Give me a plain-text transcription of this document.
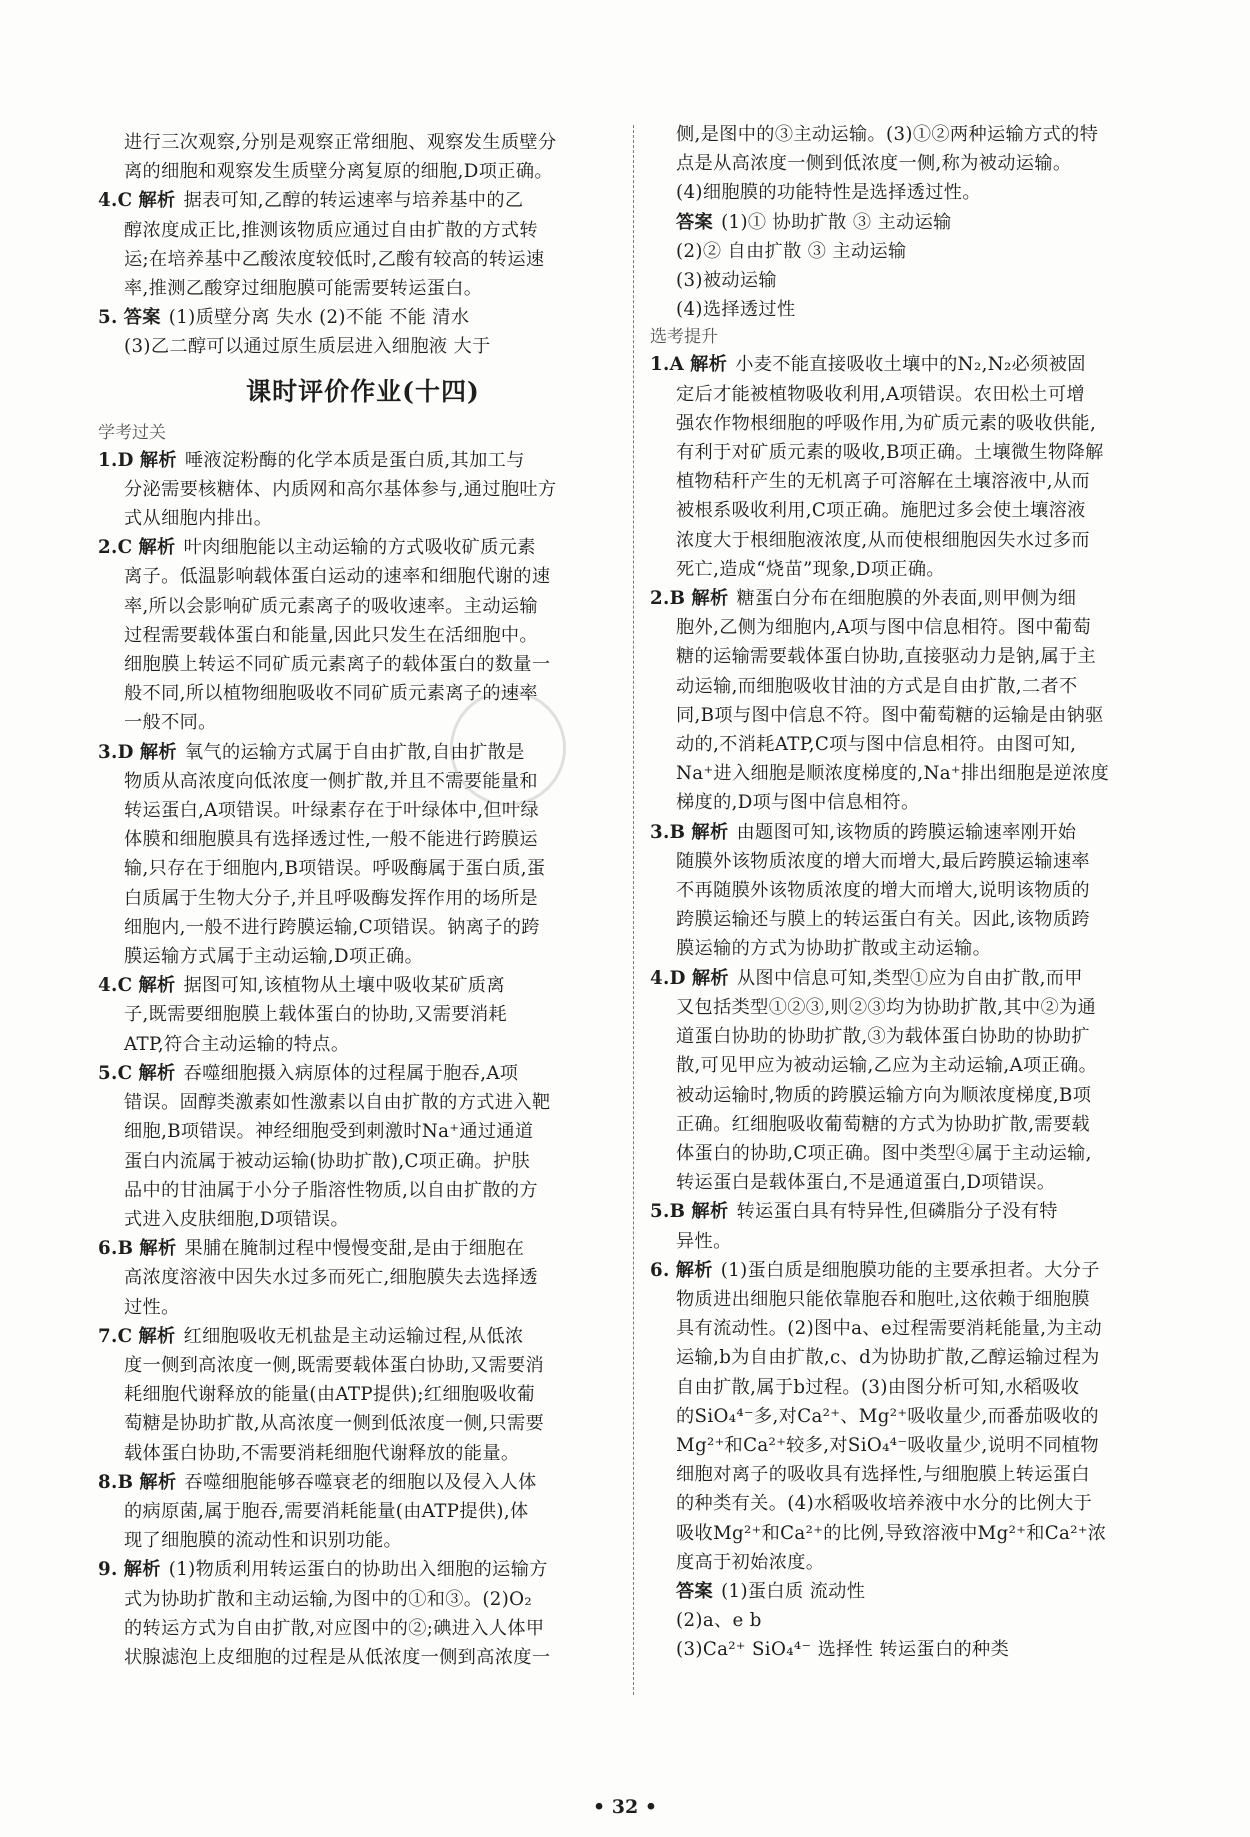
进行三次观察,分别是观察正常细胞、观察发生质壁分
离的细胞和观察发生质壁分离复原的细胞,D项正确。

4.C 解析 据表可知,乙醇的转运速率与培养基中的乙
醇浓度成正比,推测该物质应通过自由扩散的方式转
运;在培养基中乙酸浓度较低时,乙酸有较高的转运速
率,推测乙酸穿过细胞膜可能需要转运蛋白。

5. 答案 (1)质壁分离 失水 (2)不能 不能 清水
(3)乙二醇可以通过原生质层进入细胞液 大于

课时评价作业(十四)
学考过关

1.D 解析 唾液淀粉酶的化学本质是蛋白质,其加工与
分泌需要核糖体、内质网和高尔基体参与,通过胞吐方
式从细胞内排出。

2.C 解析 叶肉细胞能以主动运输的方式吸收矿质元素
离子。低温影响载体蛋白运动的速率和细胞代谢的速
率,所以会影响矿质元素离子的吸收速率。主动运输
过程需要载体蛋白和能量,因此只发生在活细胞中。
细胞膜上转运不同矿质元素离子的载体蛋白的数量一
般不同,所以植物细胞吸收不同矿质元素离子的速率
一般不同。

3.D 解析 氧气的运输方式属于自由扩散,自由扩散是
物质从高浓度向低浓度一侧扩散,并且不需要能量和
转运蛋白,A项错误。叶绿素存在于叶绿体中,但叶绿
体膜和细胞膜具有选择透过性,一般不能进行跨膜运
输,只存在于细胞内,B项错误。呼吸酶属于蛋白质,蛋
白质属于生物大分子,并且呼吸酶发挥作用的场所是
细胞内,一般不进行跨膜运输,C项错误。钠离子的跨
膜运输方式属于主动运输,D项正确。

4.C 解析 据图可知,该植物从土壤中吸收某矿质离
子,既需要细胞膜上载体蛋白的协助,又需要消耗
ATP,符合主动运输的特点。

5.C 解析 吞噬细胞摄入病原体的过程属于胞吞,A项
错误。固醇类激素如性激素以自由扩散的方式进入靶
细胞,B项错误。神经细胞受到刺激时Na⁺通过通道
蛋白内流属于被动运输(协助扩散),C项正确。护肤
品中的甘油属于小分子脂溶性物质,以自由扩散的方
式进入皮肤细胞,D项错误。

6.B 解析 果脯在腌制过程中慢慢变甜,是由于细胞在
高浓度溶液中因失水过多而死亡,细胞膜失去选择透
过性。

7.C 解析 红细胞吸收无机盐是主动运输过程,从低浓
度一侧到高浓度一侧,既需要载体蛋白协助,又需要消
耗细胞代谢释放的能量(由ATP提供);红细胞吸收葡
萄糖是协助扩散,从高浓度一侧到低浓度一侧,只需要
载体蛋白协助,不需要消耗细胞代谢释放的能量。

8.B 解析 吞噬细胞能够吞噬衰老的细胞以及侵入人体
的病原菌,属于胞吞,需要消耗能量(由ATP提供),体
现了细胞膜的流动性和识别功能。

9. 解析 (1)物质利用转运蛋白的协助出入细胞的运输方
式为协助扩散和主动运输,为图中的①和③。(2)O₂
的转运方式为自由扩散,对应图中的②;碘进入人体甲
状腺滤泡上皮细胞的过程是从低浓度一侧到高浓度一

侧,是图中的③主动运输。(3)①②两种运输方式的特
点是从高浓度一侧到低浓度一侧,称为被动运输。
(4)细胞膜的功能特性是选择透过性。

答案 (1)① 协助扩散 ③ 主动运输
(2)② 自由扩散 ③ 主动运输
(3)被动运输
(4)选择透过性

选考提升

1.A 解析 小麦不能直接吸收土壤中的N₂,N₂必须被固
定后才能被植物吸收利用,A项错误。农田松土可增
强农作物根细胞的呼吸作用,为矿质元素的吸收供能,
有利于对矿质元素的吸收,B项正确。土壤微生物降解
植物秸秆产生的无机离子可溶解在土壤溶液中,从而
被根系吸收利用,C项正确。施肥过多会使土壤溶液
浓度大于根细胞液浓度,从而使根细胞因失水过多而
死亡,造成“烧苗”现象,D项正确。

2.B 解析 糖蛋白分布在细胞膜的外表面,则甲侧为细
胞外,乙侧为细胞内,A项与图中信息相符。图中葡萄
糖的运输需要载体蛋白协助,直接驱动力是钠,属于主
动运输,而细胞吸收甘油的方式是自由扩散,二者不
同,B项与图中信息不符。图中葡萄糖的运输是由钠驱
动的,不消耗ATP,C项与图中信息相符。由图可知,
Na⁺进入细胞是顺浓度梯度的,Na⁺排出细胞是逆浓度
梯度的,D项与图中信息相符。

3.B 解析 由题图可知,该物质的跨膜运输速率刚开始
随膜外该物质浓度的增大而增大,最后跨膜运输速率
不再随膜外该物质浓度的增大而增大,说明该物质的
跨膜运输还与膜上的转运蛋白有关。因此,该物质跨
膜运输的方式为协助扩散或主动运输。

4.D 解析 从图中信息可知,类型①应为自由扩散,而甲
又包括类型①②③,则②③均为协助扩散,其中②为通
道蛋白协助的协助扩散,③为载体蛋白协助的协助扩
散,可见甲应为被动运输,乙应为主动运输,A项正确。
被动运输时,物质的跨膜运输方向为顺浓度梯度,B项
正确。红细胞吸收葡萄糖的方式为协助扩散,需要载
体蛋白的协助,C项正确。图中类型④属于主动运输,
转运蛋白是载体蛋白,不是通道蛋白,D项错误。

5.B 解析 转运蛋白具有特异性,但磷脂分子没有特
异性。

6. 解析 (1)蛋白质是细胞膜功能的主要承担者。大分子
物质进出细胞只能依靠胞吞和胞吐,这依赖于细胞膜
具有流动性。(2)图中a、e过程需要消耗能量,为主动
运输,b为自由扩散,c、d为协助扩散,乙醇运输过程为
自由扩散,属于b过程。(3)由图分析可知,水稻吸收
的SiO₄⁴⁻多,对Ca²⁺、Mg²⁺吸收量少,而番茄吸收的
Mg²⁺和Ca²⁺较多,对SiO₄⁴⁻吸收量少,说明不同植物
细胞对离子的吸收具有选择性,与细胞膜上转运蛋白
的种类有关。(4)水稻吸收培养液中水分的比例大于
吸收Mg²⁺和Ca²⁺的比例,导致溶液中Mg²⁺和Ca²⁺浓
度高于初始浓度。

答案 (1)蛋白质 流动性
(2)a、e b
(3)Ca²⁺ SiO₄⁴⁻ 选择性 转运蛋白的种类

• 32 •
